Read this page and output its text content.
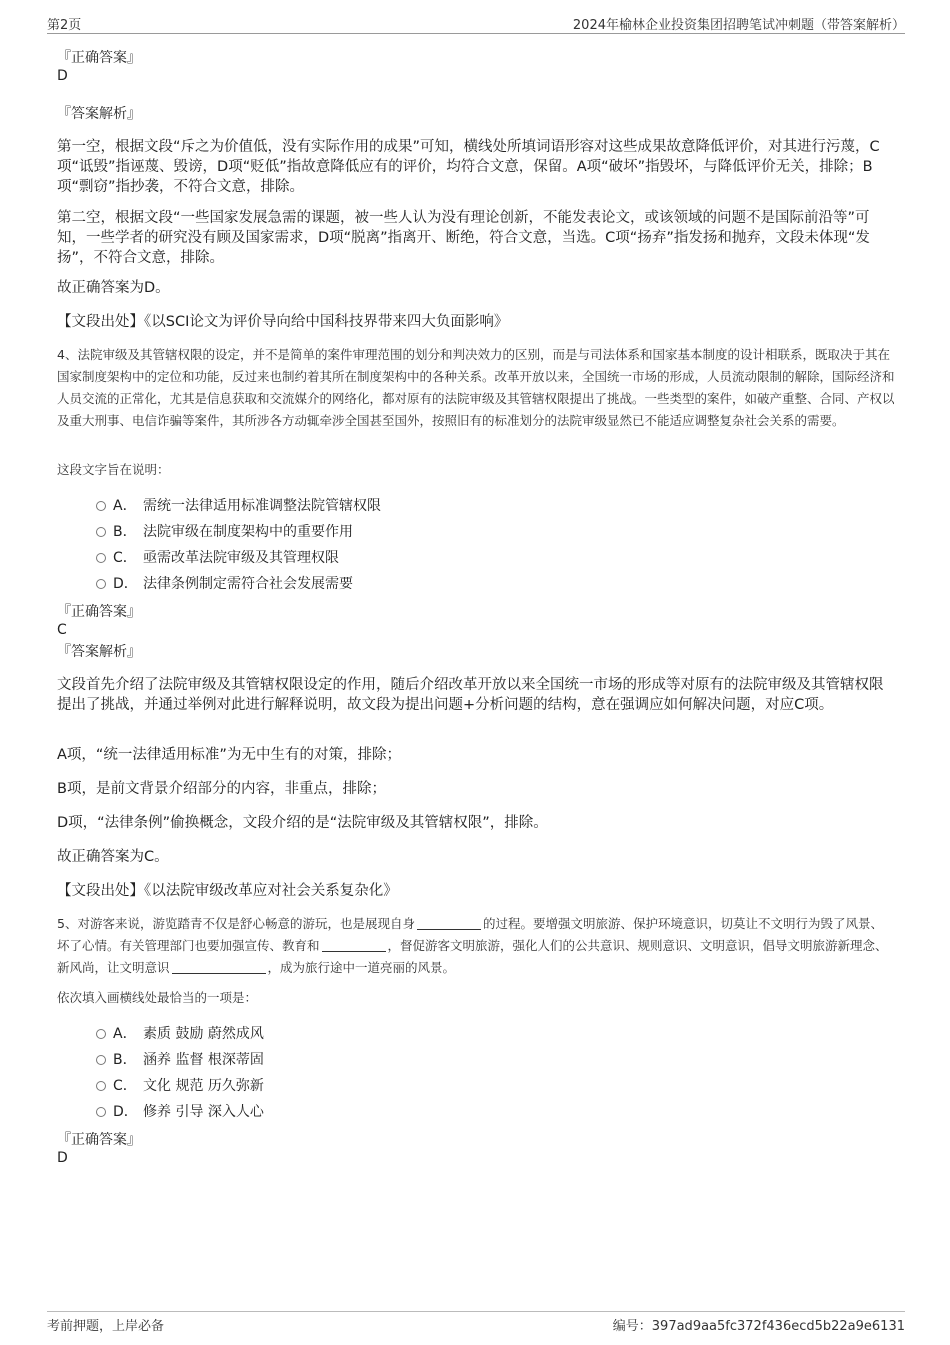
第2页	2024年榆林企业投资集团招聘笔试冲刺题（带答案解析）
『正确答案』
D
『答案解析』
第一空，根据文段“斥之为价值低，没有实际作用的成果”可知，横线处所填词语形容对这些成果故意降低评价，对其进行污蔑，C项“诋毁”指诬蔑、毁谤，D项“贬低”指故意降低应有的评价，均符合文意，保留。A项“破坏”指毁坏，与降低评价无关，排除；B项“剽窃”指抄袭，不符合文意，排除。
第二空，根据文段“一些国家发展急需的课题，被一些人认为没有理论创新，不能发表论文，或该领域的问题不是国际前沿等”可知，一些学者的研究没有顾及国家需求，D项“脱离”指离开、断绝，符合文意，当选。C项“扬弃”指发扬和抛弃，文段未体现“发扬”，不符合文意，排除。
故正确答案为D。
【文段出处】《以SCI论文为评价导向给中国科技界带来四大负面影响》
4、法院审级及其管辖权限的设定，并不是简单的案件审理范围的划分和判决效力的区别，而是与司法体系和国家基本制度的设计相联系，既取决于其在国家制度架构中的定位和功能，反过来也制约着其所在制度架构中的各种关系。改革开放以来，全国统一市场的形成，人员流动限制的解除，国际经济和人员交流的正常化，尤其是信息获取和交流媒介的网络化，都对原有的法院审级及其管辖权限提出了挑战。一些类型的案件，如破产重整、合同、产权以及重大刑事、电信诈骗等案件，其所涉各方动辄牵涉全国甚至国外，按照旧有的标准划分的法院审级显然已不能适应调整复杂社会关系的需要。
这段文字旨在说明：
A． 需统一法律适用标准调整法院管辖权限
B． 法院审级在制度架构中的重要作用
C． 亟需改革法院审级及其管理权限
D． 法律条例制定需符合社会发展需要
『正确答案』
C
『答案解析』
文段首先介绍了法院审级及其管辖权限设定的作用，随后介绍改革开放以来全国统一市场的形成等对原有的法院审级及其管辖权限提出了挑战，并通过举例对此进行解释说明，故文段为提出问题+分析问题的结构，意在强调应如何解决问题，对应C项。
A项，“统一法律适用标准”为无中生有的对策，排除；
B项，是前文背景介绍部分的内容，非重点，排除；
D项，“法律条例”偷换概念，文段介绍的是“法院审级及其管辖权限”，排除。
故正确答案为C。
【文段出处】《以法院审级改革应对社会关系复杂化》
5、对游客来说，游览踏青不仅是舒心畅意的游玩，也是展现自身	的过程。要增强文明旅游、保护环境意识，切莫让不文明行为毁了风景、坏了心情。有关管理部门也要加强宣传、教育和	，督促游客文明旅游，强化人们的公共意识、规则意识、文明意识，倡导文明旅游新理念、新风尚，让文明意识	，成为旅行途中一道亮丽的风景。
依次填入画横线处最恰当的一项是：
A． 素质 鼓励 蔚然成风
B． 涵养 监督 根深蒂固
C． 文化 规范 历久弥新
D． 修养 引导 深入人心
『正确答案』
D
考前押题，上岸必备	编号：397ad9aa5fc372f436ecd5b22a9e6131
